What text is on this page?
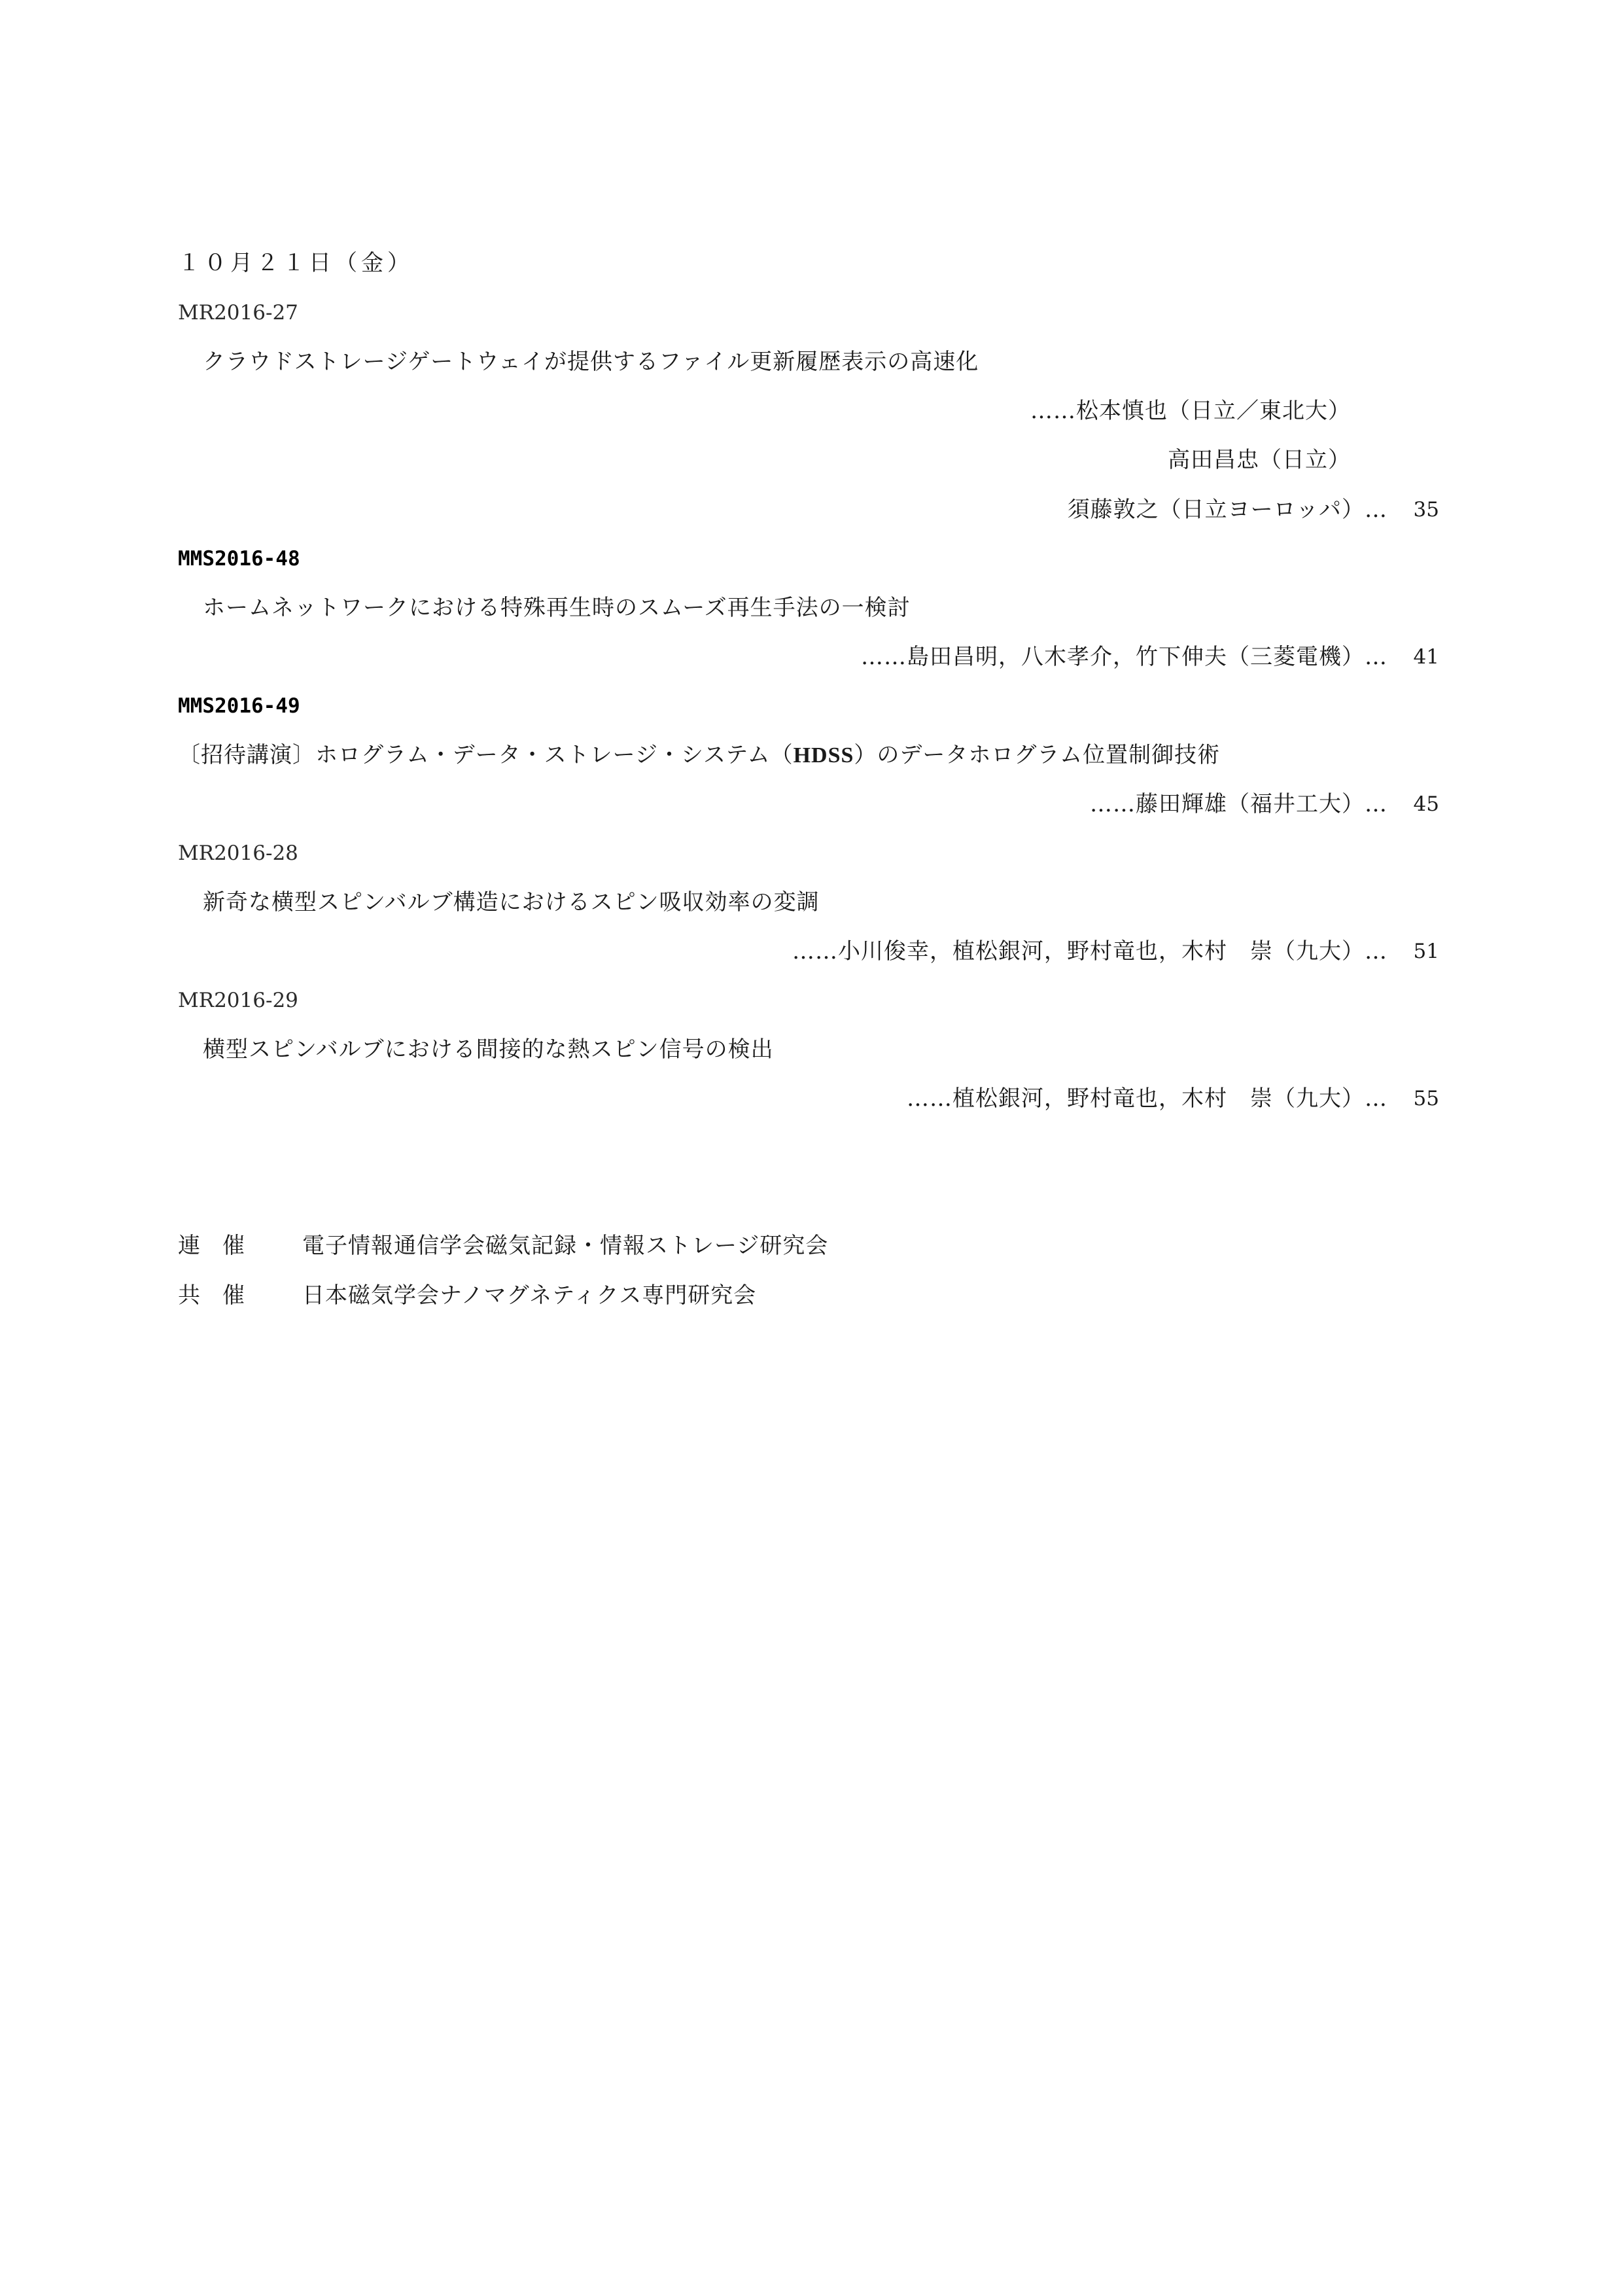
１０月２１日（金）
MR2016-27
クラウドストレージゲートウェイが提供するファイル更新履歴表示の高速化
……松本慎也（日立／東北大）
高田昌忠（日立）
須藤敦之（日立ヨーロッパ）…	35
MMS2016-48
ホームネットワークにおける特殊再生時のスムーズ再生手法の一検討
……島田昌明，八木孝介，竹下伸夫（三菱電機）…	41
MMS2016-49
〔招待講演〕ホログラム・データ・ストレージ・システム（HDSS）のデータホログラム位置制御技術
……藤田輝雄（福井工大）…	45
MR2016-28
新奇な横型スピンバルブ構造におけるスピン吸収効率の変調
……小川俊幸，植松銀河，野村竜也，木村　崇（九大）…	51
MR2016-29
横型スピンバルブにおける間接的な熱スピン信号の検出
……植松銀河，野村竜也，木村　崇（九大）…	55
連催 電子情報通信学会磁気記録・情報ストレージ研究会
共催 日本磁気学会ナノマグネティクス専門研究会
